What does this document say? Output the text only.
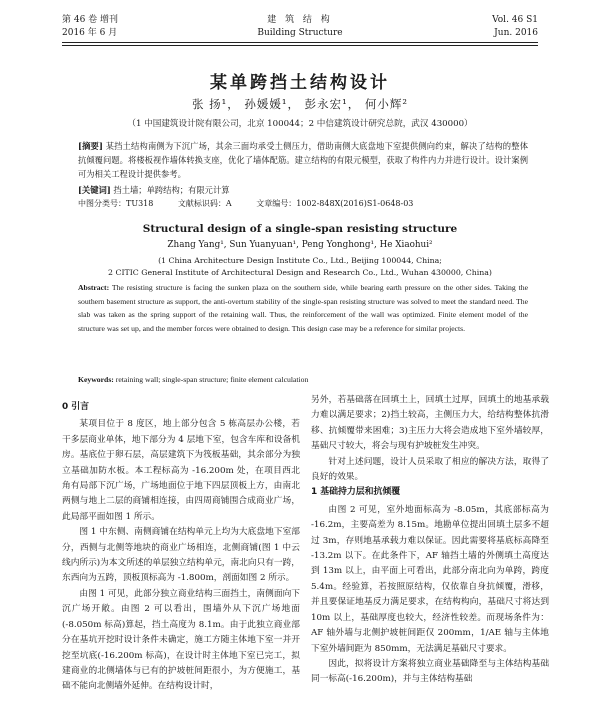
第 46 卷 增刊
2016 年 6 月
建 筑 结 构
Building Structure
Vol. 46 S1
Jun. 2016
某单跨挡土结构设计
张 扬¹， 孙媛媛¹， 彭永宏¹， 何小辉²
（1 中国建筑设计院有限公司，北京 100044；2 中信建筑设计研究总院，武汉 430000）
[摘要] 某挡土结构南侧为下沉广场，其余三面均承受土侧压力，借助南侧大底盘地下室提供侧向约束，解决了结构的整体抗倾覆问题。将楼板视作墙体转换支座，优化了墙体配筋。建立结构的有限元模型，获取了构件内力并进行设计。设计案例可为相关工程设计提供参考。
[关键词] 挡土墙；单跨结构；有限元计算
中图分类号：TU318	文献标识码：A	文章编号：1002-848X(2016)S1-0648-03
Structural design of a single-span resisting structure
Zhang Yang¹, Sun Yuanyuan¹, Peng Yonghong¹, He Xiaohui²
(1 China Architecture Design Institute Co., Ltd., Beijing 100044, China;
2 CITIC General Institute of Architectural Design and Research Co., Ltd., Wuhan 430000, China)
Abstract: The resisting structure is facing the sunken plaza on the southern side, while bearing earth pressure on the other sides. Taking the southern basement structure as support, the anti-overturn stability of the single-span resisting structure was solved to meet the standard need. The slab was taken as the spring support of the retaining wall. Thus, the reinforcement of the wall was optimized. Finite element model of the structure was set up, and the member forces were obtained to design. This design case may be a reference for similar projects.
Keywords: retaining wall; single-span structure; finite element calculation
0 引言

某项目位于 8 度区，地上部分包含 5 栋高层办公楼，若干多层商业单体，地下部分为 4 层地下室，包含车库和设备机房。基底位于卵石层，高层建筑下为筏板基础，其余部分为独立基础加防水板。本工程标高为 -16.200m 处，在项目西北角有局部下沉广场，广场地面位于地下四层顶板上方，由南北两侧与地上二层的商铺相连接，由四周商铺围合成商业广场，此局部平面如图 1 所示。

图 1 中东侧、南侧商铺在结构单元上均为大底盘地下室部分，西侧与北侧等地块的商业广场相连，北侧商铺(图 1 中云线内所示)为本文所述的单层独立结构单元，南北向只有一跨，东西向为五跨，顶板顶标高为 -1.800m，剖面如图 2 所示。

由图 1 可见，此部分独立商业结构三面挡土，南侧面向下沉广场开敞。由图 2 可以看出，围墙外从下沉广场地面(-8.050m 标高)算起，挡土高度为 8.1m。由于此独立商业部分在基坑开挖时设计条件未确定，施工方随主体地下室一并开挖至坑底(-16.200m 标高)，在设计时主体地下室已完工，拟建商业的北侧墙体与已有的护坡桩间距很小，为方便施工，基础不能向北侧墙外延伸。在结构设计时，

另外，若基础落在回填土上，回填土过厚，回填土的地基承载力难以满足要求；2)挡土较高，主侧压力大，给结构整体抗滑移、抗倾覆带来困难；3)主压力大将会造成地下室外墙较厚，基础尺寸较大，将会与现有护坡桩发生冲突。

针对上述问题，设计人员采取了相应的解决方法，取得了良好的效果。

1 基础持力层和抗倾覆

由图 2 可见，室外地面标高为 -8.05m，其底部标高为 -16.2m，主要高差为 8.15m。地勘单位提出回填土层多不超过 3m，存则地基承载力难以保证。因此需要将基底标高降至 -13.2m 以下。在此条件下，AF 轴挡土墙的外侧填土高度达到 13m 以上，由平面上可看出，此部分南北向为单跨，跨度 5.4m。经验算，若按照原结构，仅依靠自身抗倾覆，滑移，并且要保证地基反力满足要求，在结构构向，基础尺寸将达到 10m 以上，基础厚度也较大，经济性较差。而现场条件为：AF 轴外墙与北侧护坡桩间距仅 200mm，1/AE 轴与主体地下室外墙间距为 850mm，无法满足基础尺寸要求。

因此，拟将设计方案将独立商业基础降至与主体结构基础同一标高(-16.200m)，并与主体结构基础
